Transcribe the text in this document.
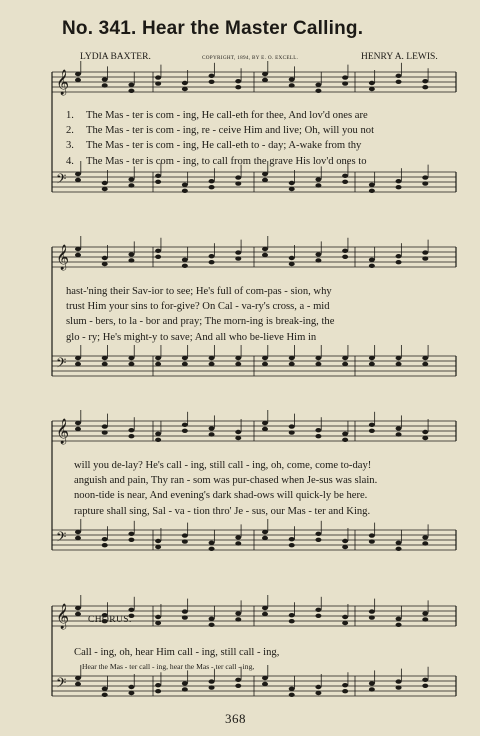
No. 341. Hear the Master Calling.
LYDIA BAXTER.	COPYRIGHT, 1894, BY E. O. EXCELL.	HENRY A. LEWIS.
𝄞
𝄢
𝄞
𝄢
𝄞
𝄢
𝄞
𝄢
1. The Mas - ter is com - ing, He call-eth for thee, And lov'd ones are
2. The Mas - ter is com - ing, re - ceive Him and live; Oh, will you not
3. The Mas - ter is com - ing, He call-eth to - day; A-wake from thy
4. The Mas - ter is com - ing, to call from the grave His lov'd ones to
hast-'ning their Sav-ior to see; He's full of com-pas - sion, why
trust Him your sins to for-give? On Cal - va-ry's cross, a - mid
slum - bers, to la - bor and pray; The morn-ing is break-ing, the
glo - ry; He's might-y to save; And all who be-lieve Him in
will you de-lay? He's call - ing, still call - ing, oh, come, come to-day!
anguish and pain, Thy ran - som was pur-chased when Je-sus was slain.
noon-tide is near, And evening's dark shad-ows will quick-ly be here.
rapture shall sing, Sal - va - tion thro' Je - sus, our Mas - ter and King.
CHORUS.
Call - ing, oh, hear Him call - ing, still call - ing,
Hear the Mas - ter call - ing, hear the Mas - ter call - ing,
368
